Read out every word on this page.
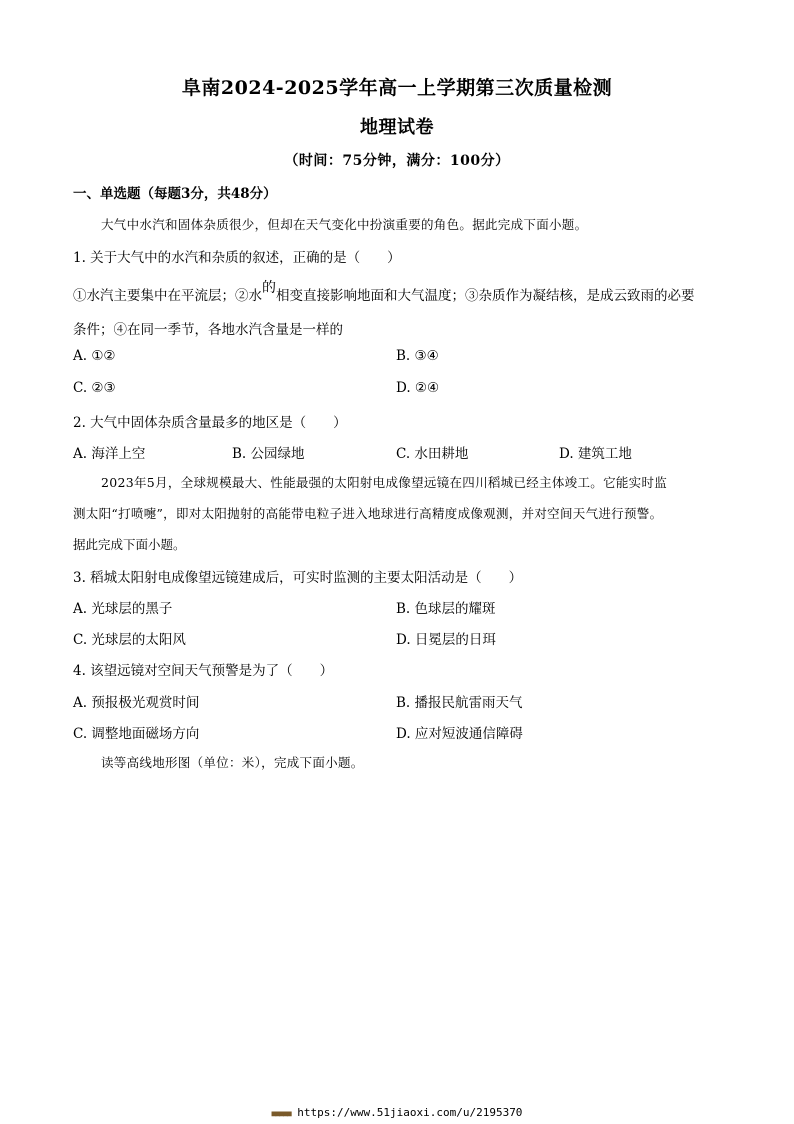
阜南2024-2025学年高一上学期第三次质量检测
地理试卷
（时间：75分钟，满分：100分）
一、单选题（每题3分，共48分）
大气中水汽和固体杂质很少，但却在天气变化中扮演重要的角色。据此完成下面小题。
1. 关于大气中的水汽和杂质的叙述，正确的是（　　）
①水汽主要集中在平流层；②水的相变直接影响地面和大气温度；③杂质作为凝结核，是成云致雨的必要
条件；④在同一季节，各地水汽含量是一样的
A. ①②	B. ③④
C. ②③	D. ②④
2. 大气中固体杂质含量最多的地区是（　　）
A. 海洋上空	B. 公园绿地	C. 水田耕地	D. 建筑工地
2023年5月，全球规模最大、性能最强的太阳射电成像望远镜在四川稻城已经主体竣工。它能实时监
测太阳“打喷嚏”，即对太阳抛射的高能带电粒子进入地球进行高精度成像观测，并对空间天气进行预警。
据此完成下面小题。
3. 稻城太阳射电成像望远镜建成后，可实时监测的主要太阳活动是（　　）
A. 光球层的黑子	B. 色球层的耀斑
C. 光球层的太阳风	D. 日冕层的日珥
4. 该望远镜对空间天气预警是为了（　　）
A. 预报极光观赏时间	B. 播报民航雷雨天气
C. 调整地面磁场方向	D. 应对短波通信障碍
读等高线地形图（单位：米），完成下面小题。
■■■■■ https://www.51jiaoxi.com/u/2195370
